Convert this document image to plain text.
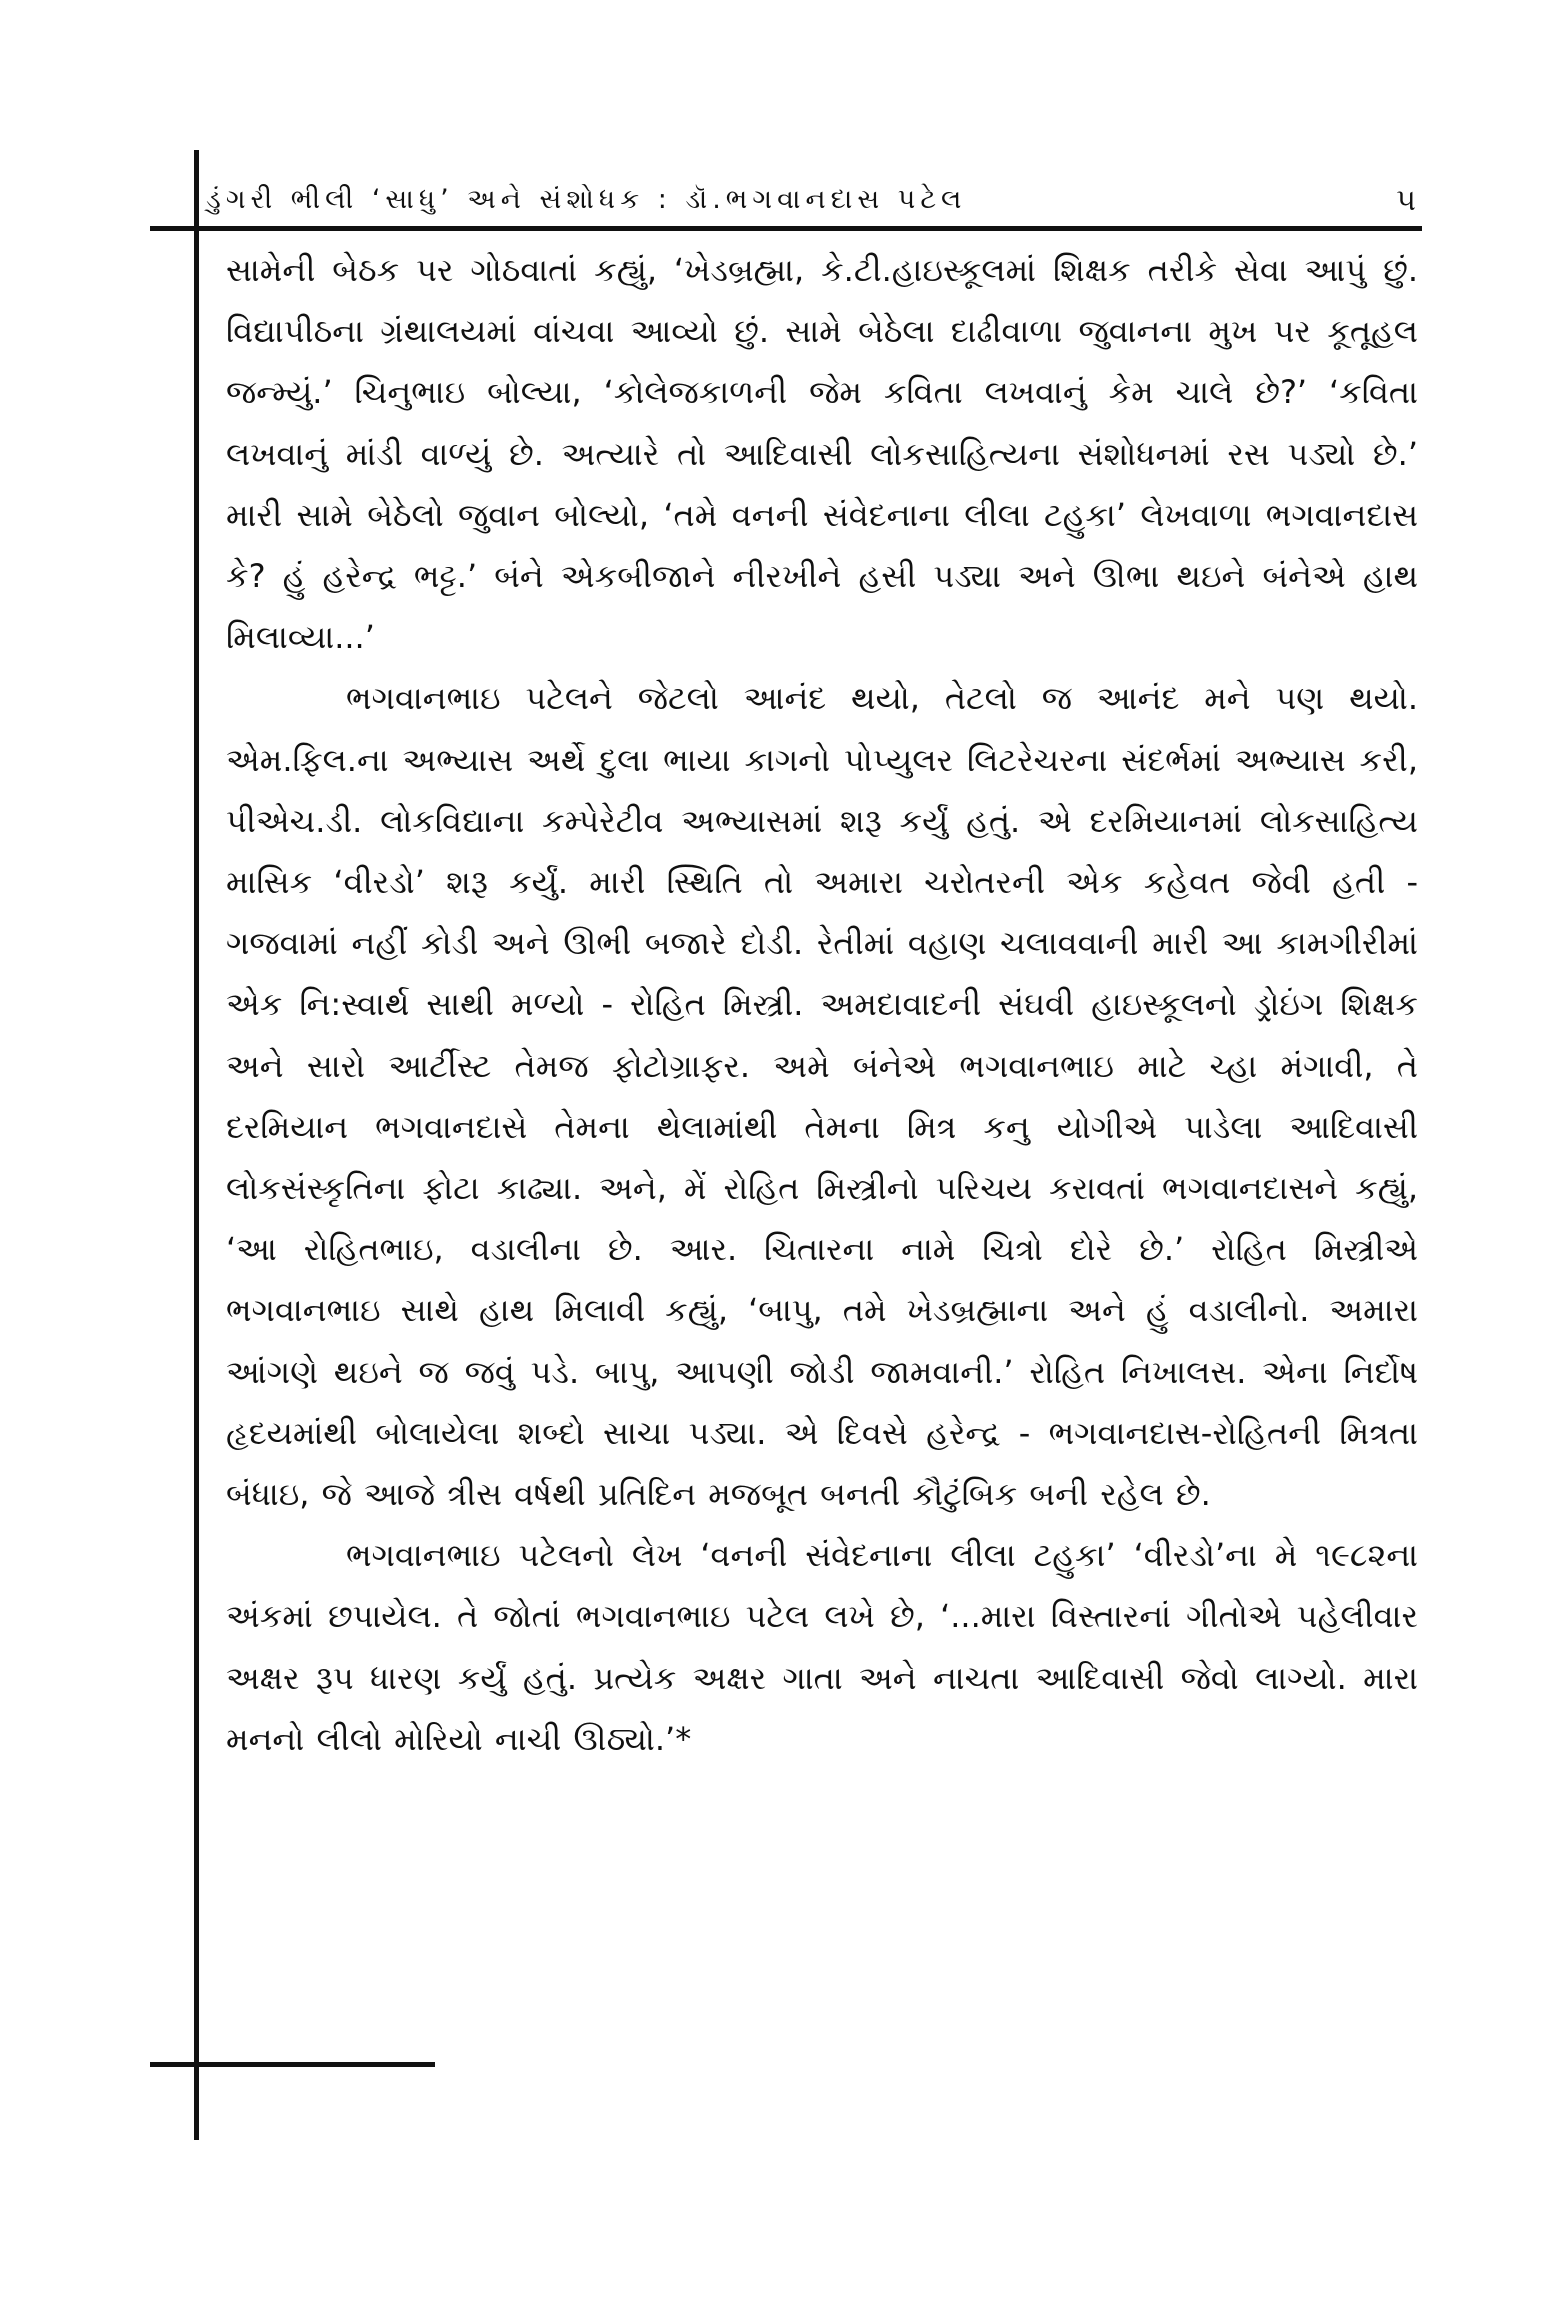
ડુંગરી ભીલી ‘સાધુ’ અને સંશોધક : ડૉ.ભગવાનદાસ પટેલ	૫

સામેની બેઠક પર ગોઠવાતાં કહ્યું, ‘ખેડબ્રહ્મા, કે.ટી.હાઇસ્કૂલમાં શિક્ષક તરીકે સેવા આપું છું. વિદ્યાપીઠના ગ્રંથાલયમાં વાંચવા આવ્યો છું. સામે બેઠેલા દાઢીવાળા જુવાનના મુખ પર કૂતૂહલ જન્મ્યું.’ ચિનુભાઇ બોલ્યા, ‘કોલેજકાળની જેમ કવિતા લખવાનું કેમ ચાલે છે?’ ‘કવિતા લખવાનું માંડી વાળ્યું છે. અત્યારે તો આદિવાસી લોકસાહિત્યના સંશોધનમાં રસ પડ્યો છે.’ મારી સામે બેઠેલો જુવાન બોલ્યો, ‘તમે વનની સંવેદનાના લીલા ટહુકા’ લેખવાળા ભગવાનદાસ કે? હું હરેન્દ્ર ભટ્ટ.’ બંને એકબીજાને નીરખીને હસી પડ્યા અને ઊભા થઇને બંનેએ હાથ મિલાવ્યા...’

ભગવાનભાઇ પટેલને જેટલો આનંદ થયો, તેટલો જ આનંદ મને પણ થયો. એમ.ફિલ.ના અભ્યાસ અર્થે દુલા ભાયા કાગનો પોપ્યુલર લિટરેચરના સંદર્ભમાં અભ્યાસ કરી, પીએચ.ડી. લોકવિદ્યાના કમ્પેરેટીવ અભ્યાસમાં શરૂ કર્યું હતું. એ દરમિયાનમાં લોકસાહિત્ય માસિક ‘વીરડો’ શરૂ કર્યું. મારી સ્થિતિ તો અમારા ચરોતરની એક કહેવત જેવી હતી - ગજવામાં નહીં કોડી અને ઊભી બજારે દોડી. રેતીમાં વહાણ ચલાવવાની મારી આ કામગીરીમાં એક નિ:સ્વાર્થ સાથી મળ્યો - રોહિત મિસ્ત્રી. અમદાવાદની સંઘવી હાઇસ્કૂલનો ડ્રોઇંગ શિક્ષક અને સારો આર્ટીસ્ટ તેમજ ફોટોગ્રાફર. અમે બંનેએ ભગવાનભાઇ માટે ચ્હા મંગાવી, તે દરમિયાન ભગવાનદાસે તેમના થેલામાંથી તેમના મિત્ર કનુ યોગીએ પાડેલા આદિવાસી લોકસંસ્કૃતિના ફોટા કાઢ્યા. અને, મેં રોહિત મિસ્ત્રીનો પરિચય કરાવતાં ભગવાનદાસને કહ્યું, ‘આ રોહિતભાઇ, વડાલીના છે. આર. ચિતારના નામે ચિત્રો દોરે છે.’ રોહિત મિસ્ત્રીએ ભગવાનભાઇ સાથે હાથ મિલાવી કહ્યું, ‘બાપુ, તમે ખેડબ્રહ્માના અને હું વડાલીનો. અમારા આંગણે થઇને જ જવું પડે. બાપુ, આપણી જોડી જામવાની.’ રોહિત નિખાલસ. એના નિર્દોષ હૃદયમાંથી બોલાયેલા શબ્દો સાચા પડ્યા. એ દિવસે હરેન્દ્ર - ભગવાનદાસ-રોહિતની મિત્રતા બંધાઇ, જે આજે ત્રીસ વર્ષથી પ્રતિદિન મજબૂત બનતી કૌટુંબિક બની રહેલ છે.

ભગવાનભાઇ પટેલનો લેખ ‘વનની સંવેદનાના લીલા ટહુકા’ ‘વીરડો’ના મે ૧૯૮૨ના અંકમાં છપાયેલ. તે જોતાં ભગવાનભાઇ પટેલ લખે છે, ‘...મારા વિસ્તારનાં ગીતોએ પહેલીવાર અક્ષર રૂપ ધારણ કર્યું હતું. પ્રત્યેક અક્ષર ગાતા અને નાચતા આદિવાસી જેવો લાગ્યો. મારા મનનો લીલો મોરિયો નાચી ઊઠ્યો.’*
